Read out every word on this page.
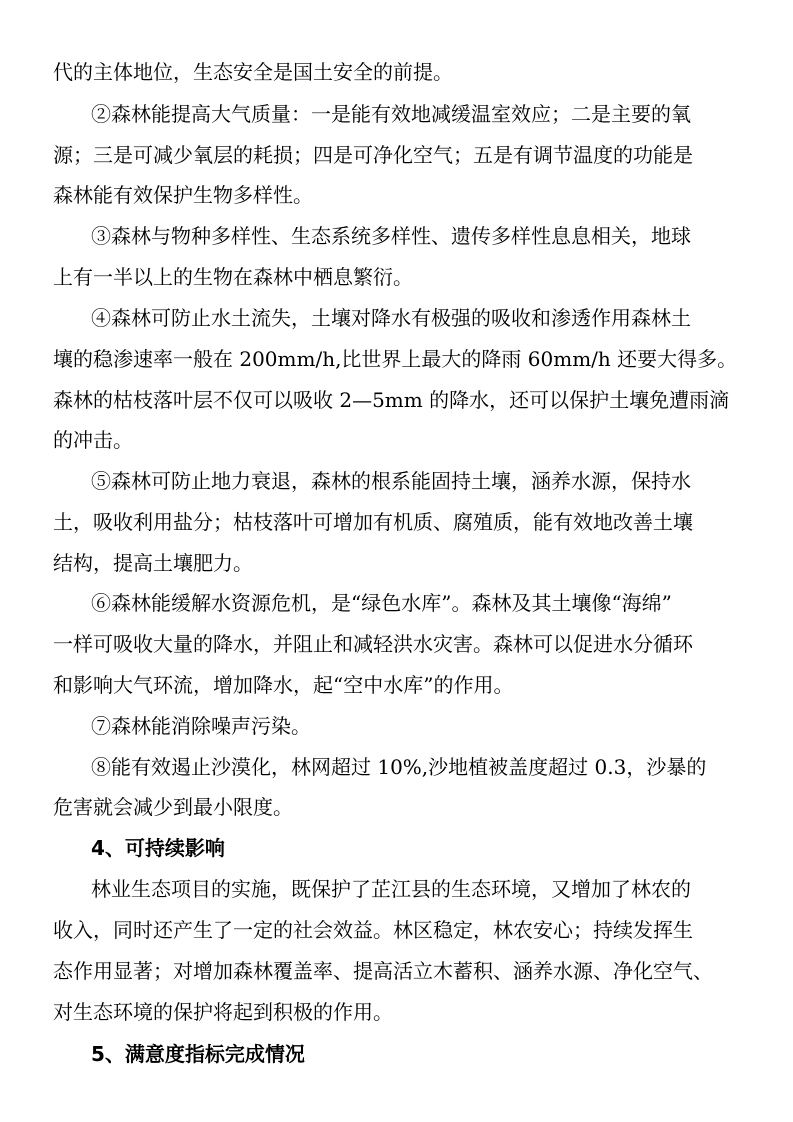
代的主体地位，生态安全是国土安全的前提。
②森林能提高大气质量：一是能有效地减缓温室效应；二是主要的氧
源；三是可减少氧层的耗损；四是可净化空气；五是有调节温度的功能是
森林能有效保护生物多样性。
③森林与物种多样性、生态系统多样性、遗传多样性息息相关，地球
上有一半以上的生物在森林中栖息繁衍。
④森林可防止水土流失，土壤对降水有极强的吸收和渗透作用森林土
壤的稳渗速率一般在 200mm/h,比世界上最大的降雨 60mm/h 还要大得多。
森林的枯枝落叶层不仅可以吸收 2—5mm 的降水，还可以保护土壤免遭雨滴
的冲击。
⑤森林可防止地力衰退，森林的根系能固持土壤，涵养水源，保持水
土，吸收利用盐分；枯枝落叶可增加有机质、腐殖质，能有效地改善土壤
结构，提高土壤肥力。
⑥森林能缓解水资源危机，是“绿色水库”。森林及其土壤像“海绵”
一样可吸收大量的降水，并阻止和减轻洪水灾害。森林可以促进水分循环
和影响大气环流，增加降水，起“空中水库”的作用。
⑦森林能消除噪声污染。
⑧能有效遏止沙漠化，林网超过 10%,沙地植被盖度超过 0.3，沙暴的
危害就会减少到最小限度。
4、可持续影响
林业生态项目的实施，既保护了芷江县的生态环境，又增加了林农的
收入，同时还产生了一定的社会效益。林区稳定，林农安心；持续发挥生
态作用显著；对增加森林覆盖率、提高活立木蓄积、涵养水源、净化空气、
对生态环境的保护将起到积极的作用。
5、满意度指标完成情况
